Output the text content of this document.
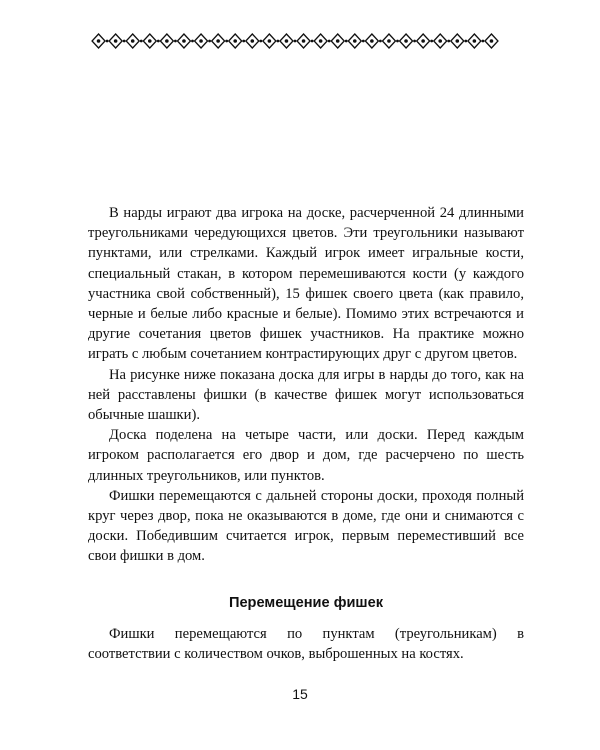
В нарды играют два игрока на доске, расчерченной 24 длинными треугольниками чередующихся цветов. Эти треугольники называют пунктами, или стрелками. Каждый игрок имеет игральные кости, специальный стакан, в котором перемешиваются кости (у каждого участника свой собственный), 15 фишек своего цвета (как правило, черные и белые либо красные и белые). Помимо этих встречаются и другие сочетания цветов фишек участников. На практике можно играть с любым сочетанием контрастирующих друг с другом цветов.

На рисунке ниже показана доска для игры в нарды до того, как на ней расставлены фишки (в качестве фишек могут использоваться обычные шашки).

Доска поделена на четыре части, или доски. Перед каждым игроком располагается его двор и дом, где расчерчено по шесть длинных треугольников, или пунктов.

Фишки перемещаются с дальней стороны доски, проходя полный круг через двор, пока не оказываются в доме, где они и снимаются с доски. Победившим считается игрок, первым переместивший все свои фишки в дом.

Перемещение фишек

Фишки перемещаются по пунктам (треугольникам) в соответствии с количеством очков, выброшенных на костях.

15
